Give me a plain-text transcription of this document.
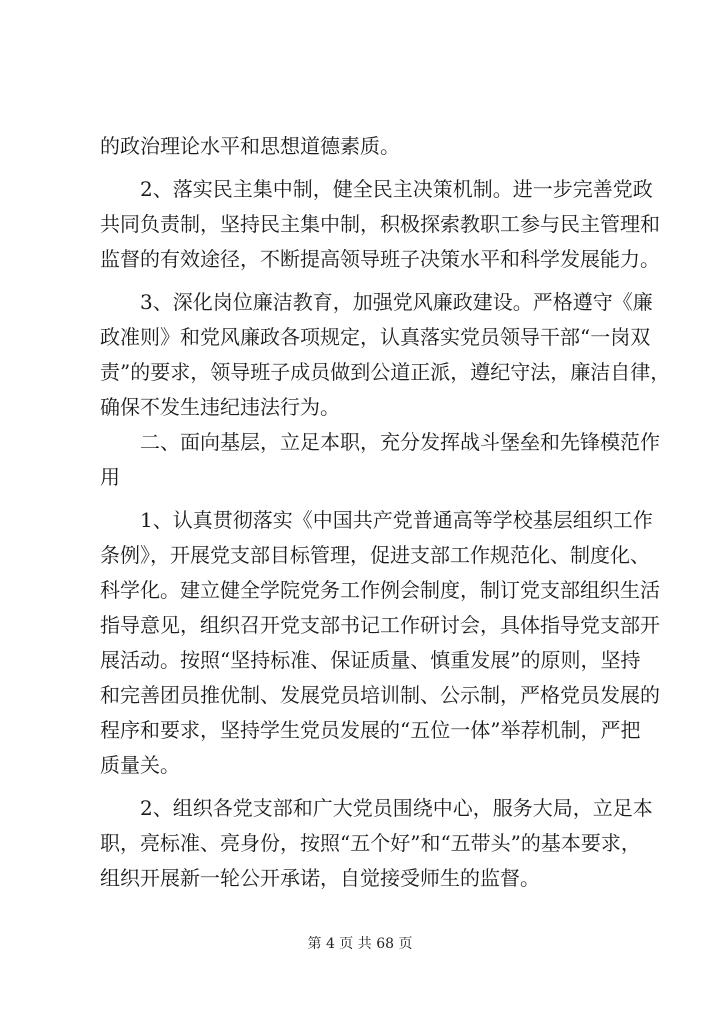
的政治理论水平和思想道德素质。
2、落实民主集中制，健全民主决策机制。进一步完善党政
共同负责制，坚持民主集中制，积极探索教职工参与民主管理和
监督的有效途径，不断提高领导班子决策水平和科学发展能力。
3、深化岗位廉洁教育，加强党风廉政建设。严格遵守《廉
政准则》和党风廉政各项规定，认真落实党员领导干部“一岗双
责”的要求，领导班子成员做到公道正派，遵纪守法，廉洁自律，
确保不发生违纪违法行为。
二、面向基层，立足本职，充分发挥战斗堡垒和先锋模范作
用
1、认真贯彻落实《中国共产党普通高等学校基层组织工作
条例》，开展党支部目标管理，促进支部工作规范化、制度化、
科学化。建立健全学院党务工作例会制度，制订党支部组织生活
指导意见，组织召开党支部书记工作研讨会，具体指导党支部开
展活动。按照“坚持标准、保证质量、慎重发展”的原则，坚持
和完善团员推优制、发展党员培训制、公示制，严格党员发展的
程序和要求，坚持学生党员发展的“五位一体”举荐机制，严把
质量关。
2、组织各党支部和广大党员围绕中心，服务大局，立足本
职，亮标准、亮身份，按照“五个好”和“五带头”的基本要求，
组织开展新一轮公开承诺，自觉接受师生的监督。
第 4 页 共 68 页
